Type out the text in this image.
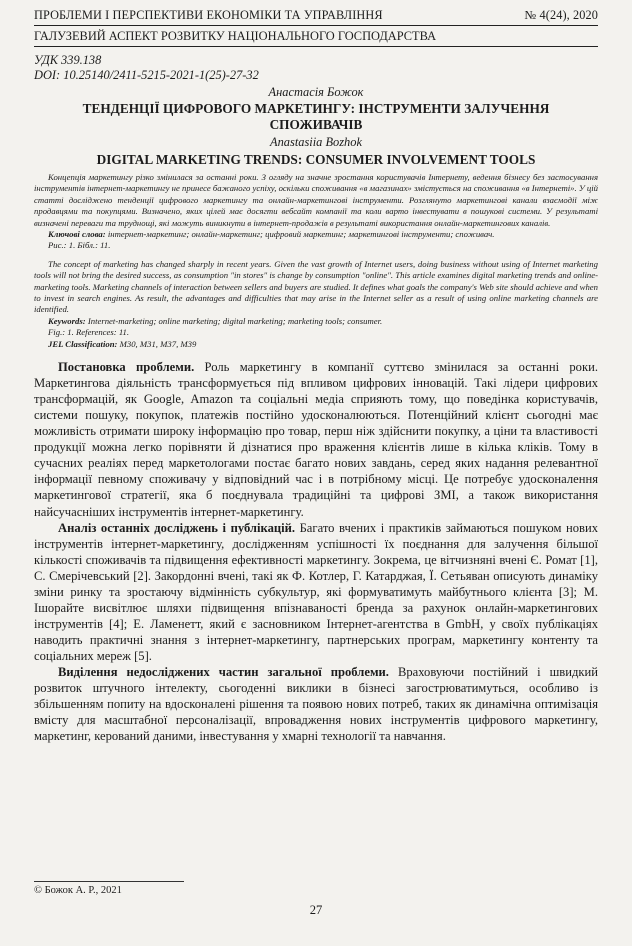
ПРОБЛЕМИ І ПЕРСПЕКТИВИ ЕКОНОМІКИ ТА УПРАВЛІННЯ	№ 4(24), 2020
ГАЛУЗЕВИЙ АСПЕКТ РОЗВИТКУ НАЦІОНАЛЬНОГО ГОСПОДАРСТВА
УДК 339.138
DOI: 10.25140/2411-5215-2021-1(25)-27-32
Анастасія Божок
ТЕНДЕНЦІЇ ЦИФРОВОГО МАРКЕТИНГУ: ІНСТРУМЕНТИ ЗАЛУЧЕННЯ СПОЖИВАЧІВ
Anastasiia Bozhok
DIGITAL MARKETING TRENDS: CONSUMER INVOLVEMENT TOOLS

Концепція маркетингу різко змінилася за останні роки. З огляду на значне зростання користувачів Інтернету, ведення бізнесу без застосування інструментів інтернет-маркетингу не принесе бажаного успіху, оскільки споживання «в магазинах» змістується на споживання «в Інтернеті». У цій статті досліджено тенденції цифрового маркетингу та онлайн-маркетингові інструменти. Розглянуто маркетингові канали взаємодії між продавцями та покупцями. Визначено, яких цілей має досягти вебсайт компанії та коли варто інвестувати в пошукові системи. У результаті визначені переваги та труднощі, які можуть виникнути в інтернет-продажів в результаті використання онлайн-маркетингових каналів.

Ключові слова: інтернет-маркетинг; онлайн-маркетинг; цифровий маркетинг; маркетингові інструменти; споживач.

Рис.: 1. Бібл.: 11.

The concept of marketing has changed sharply in recent years. Given the vast growth of Internet users, doing business without using of Internet marketing tools will not bring the desired success, as consumption "in stores" is change by consumption "online". This article examines digital marketing trends and online-marketing tools. Marketing channels of interaction between sellers and buyers are studied. It defines what goals the company's Web site should achieve and when to invest in search engines. As result, the advantages and difficulties that may arise in the Internet seller as a result of using online marketing channels are identified.

Keywords: Internet-marketing; online marketing; digital marketing; marketing tools; consumer.

Fig.: 1. References: 11.

JEL Classification: M30, M31, M37, M39

Постановка проблеми. Роль маркетингу в компанії суттєво змінилася за останні роки. Маркетингова діяльність трансформується під впливом цифрових інновацій. Такі лідери цифрових трансформацій, як Google, Amazon та соціальні медіа сприяють тому, що поведінка користувачів, системи пошуку, покупок, платежів постійно удосконалюються. Потенційний клієнт сьогодні має можливість отримати широку інформацію про товар, перш ніж здійснити покупку, а ціни та властивості продукції можна легко порівняти й дізнатися про враження клієнтів лише в кілька кліків. Тому в сучасних реаліях перед маркетологами постає багато нових завдань, серед яких надання релевантної інформації певному споживачу у відповідний час і в потрібному місці. Це потребує удосконалення маркетингової стратегії, яка б поєднувала традиційні та цифрові ЗМІ, а також використання найсучасніших інструментів інтернет-маркетингу.

Аналіз останніх досліджень і публікацій. Багато вчених і практиків займаються пошуком нових інструментів інтернет-маркетингу, дослідженням успішності їх поєднання для залучення більшої кількості споживачів та підвищення ефективності маркетингу. Зокрема, це вітчизняні вчені Є. Ромат [1], С. Смерічевський [2]. Закордонні вчені, такі як Ф. Котлер, Г. Катарджая, Ї. Сетьяван описують динаміку зміни ринку та зростаючу відмінність субкультур, які формуватимуть майбутнього клієнта [3]; М. Ішорайте висвітлює шляхи підвищення впізнаваності бренда за рахунок онлайн-маркетингових інструментів [4]; Е. Ламенетт, який є засновником Інтернет-агентства в GmbH, у своїх публікаціях наводить практичні знання з інтернет-маркетингу, партнерських програм, маркетингу контенту та соціальних мереж [5].

Виділення недосліджених частин загальної проблеми. Враховуючи постійний і швидкий розвиток штучного інтелекту, сьогоденні виклики в бізнесі загострюватимуться, особливо із збільшенням попиту на вдосконалені рішення та появою нових потреб, таких як динамічна оптимізація вмісту для масштабної персоналізації, впровадження нових інструментів цифрового маркетингу, маркетинг, керований даними, інвестування у хмарні технології та навчання.

© Божок А. Р., 2021
27
